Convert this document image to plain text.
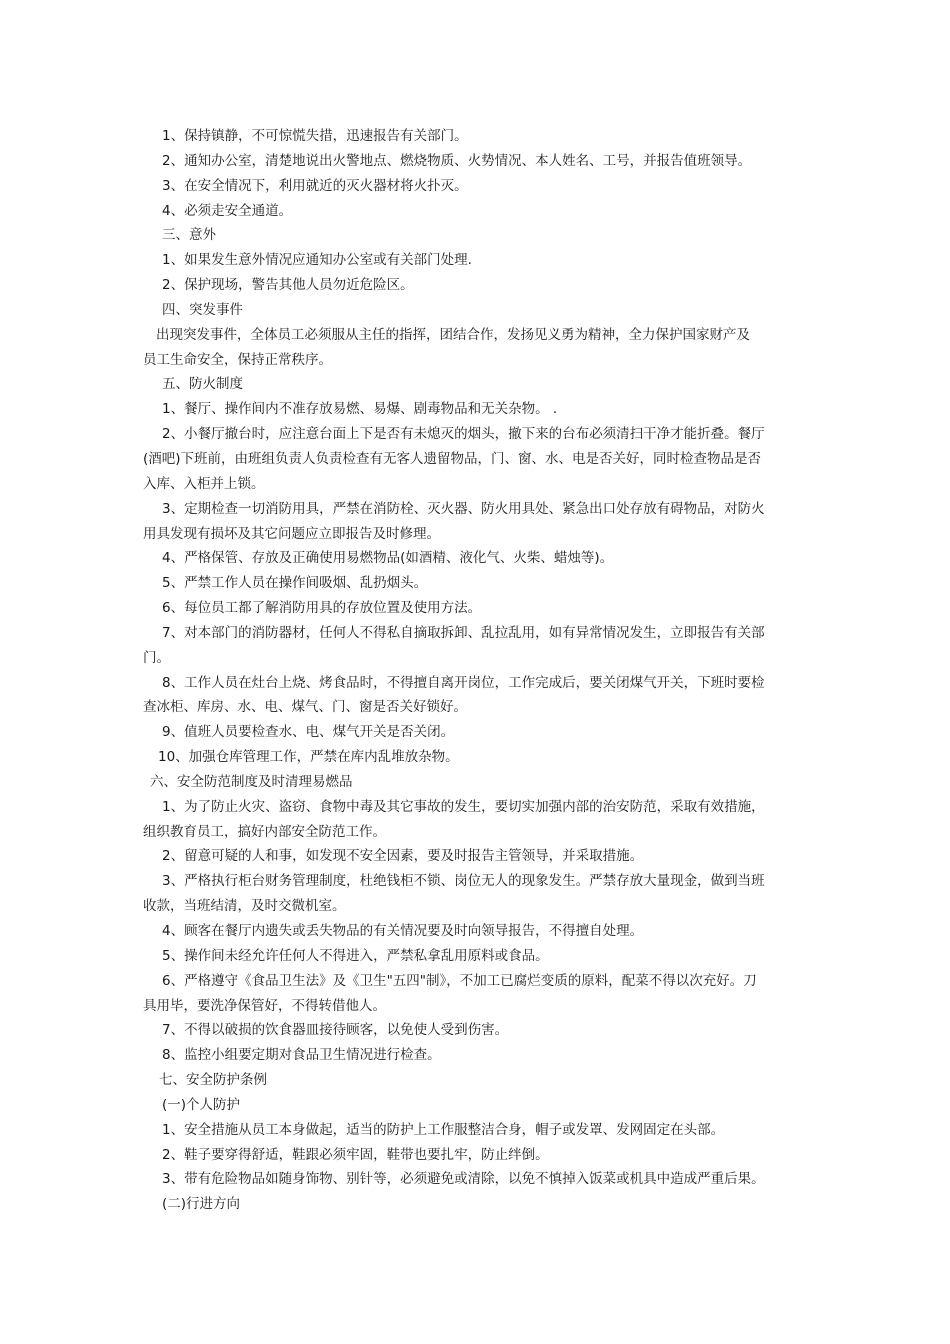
1、保持镇静，不可惊慌失措，迅速报告有关部门。
2、通知办公室，清楚地说出火警地点、燃烧物质、火势情况、本人姓名、工号，并报告值班领导。
3、在安全情况下，利用就近的灭火器材将火扑灭。
4、必须走安全通道。
三、意外
1、如果发生意外情况应通知办公室或有关部门处理.
2、保护现场，警告其他人员勿近危险区。
四、突发事件
出现突发事件，全体员工必须服从主任的指挥，团结合作，发扬见义勇为精神，全力保护国家财产及
员工生命安全，保持正常秩序。
五、防火制度
1、餐厅、操作间内不准存放易燃、易爆、剧毒物品和无关杂物。 .
2、小餐厅撤台时，应注意台面上下是否有未熄灭的烟头，撤下来的台布必须清扫干净才能折叠。餐厅
(酒吧)下班前，由班组负责人负责检查有无客人遗留物品，门、窗、水、电是否关好，同时检查物品是否
入库、入柜并上锁。
3、定期检查一切消防用具，严禁在消防栓、灭火器、防火用具处、紧急出口处存放有碍物品，对防火
用具发现有损坏及其它问题应立即报告及时修理。
4、严格保管、存放及正确使用易燃物品(如酒精、液化气、火柴、蜡烛等)。
5、严禁工作人员在操作间吸烟、乱扔烟头。
6、每位员工都了解消防用具的存放位置及使用方法。
7、对本部门的消防器材，任何人不得私自摘取拆卸、乱拉乱用，如有异常情况发生，立即报告有关部
门。
8、工作人员在灶台上烧、烤食品时，不得擅自离开岗位，工作完成后，要关闭煤气开关，下班时要检
查冰柜、库房、水、电、煤气、门、窗是否关好锁好。
9、值班人员要检查水、电、煤气开关是否关闭。
10、加强仓库管理工作，严禁在库内乱堆放杂物。
六、安全防范制度及时清理易燃品
1、为了防止火灾、盗窃、食物中毒及其它事故的发生，要切实加强内部的治安防范，采取有效措施，
组织教育员工，搞好内部安全防范工作。
2、留意可疑的人和事，如发现不安全因素，要及时报告主管领导，并采取措施。
3、严格执行柜台财务管理制度，杜绝钱柜不锁、岗位无人的现象发生。严禁存放大量现金，做到当班
收款，当班结清，及时交微机室。
4、顾客在餐厅内遗失或丢失物品的有关情况要及时向领导报告，不得擅自处理。
5、操作间未经允许任何人不得进入，严禁私拿乱用原料或食品。
6、严格遵守《食品卫生法》及《卫生"五四"制》，不加工已腐烂变质的原料，配菜不得以次充好。刀
具用毕，要洗净保管好，不得转借他人。
7、不得以破损的饮食器皿接待顾客，以免使人受到伤害。
8、监控小组要定期对食品卫生情况进行检查。
七、安全防护条例
(一)个人防护
1、安全措施从员工本身做起，适当的防护上工作服整洁合身，帽子或发罩、发网固定在头部。
2、鞋子要穿得舒适，鞋跟必须牢固，鞋带也要扎牢，防止绊倒。
3、带有危险物品如随身饰物、别针等，必须避免或清除，以免不慎掉入饭菜或机具中造成严重后果。
(二)行进方向
